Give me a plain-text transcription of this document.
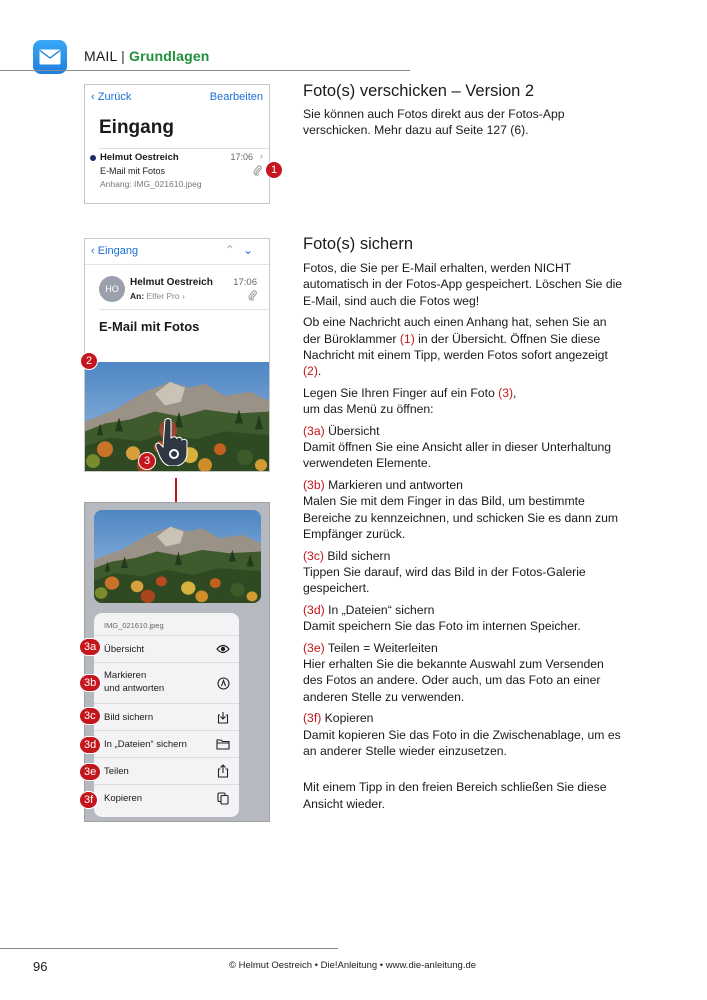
MAIL | Grundlagen
‹ Zurück	Bearbeiten
Eingang
Helmut Oestreich	17:06 ›
E-Mail mit Fotos
Anhang: IMG_021610.jpeg
1
‹ Eingang	⌃⌄
HO
Helmut Oestreich 17:06
An: Elfer Pro ›
E-Mail mit Fotos
2
3
IMG_021610.jpeg
Übersicht
Markieren
und antworten
Bild sichern
In „Dateien“ sichern
Teilen
Kopieren
3a
3b
3c
3d
3e
3f
Foto(s) verschicken – Version 2

Sie können auch Fotos direkt aus der Fotos-App verschicken. Mehr dazu auf Seite 127 (6).

Foto(s) sichern

Fotos, die Sie per E-Mail erhalten, werden NICHT automatisch in der Fotos-App gespeichert. Löschen Sie die E-Mail, sind auch die Fotos weg!

Ob eine Nachricht auch einen Anhang hat, sehen Sie an der Büroklammer (1) in der Übersicht. Öffnen Sie diese Nachricht mit einem Tipp, werden Fotos sofort angezeigt (2).

Legen Sie Ihren Finger auf ein Foto (3),
um das Menü zu öffnen:

(3a) Übersicht
Damit öffnen Sie eine Ansicht aller in dieser Unterhaltung verwendeten Elemente.

(3b) Markieren und antworten
Malen Sie mit dem Finger in das Bild, um bestimmte Bereiche zu kennzeichnen, und schicken Sie es dann zum Empfänger zurück.

(3c) Bild sichern
Tippen Sie darauf, wird das Bild in der Fotos-Galerie gespeichert.

(3d) In „Dateien“ sichern
Damit speichern Sie das Foto im internen Speicher.

(3e) Teilen = Weiterleiten
Hier erhalten Sie die bekannte Auswahl zum Versenden des Fotos an andere. Oder auch, um das Foto an einer anderen Stelle zu verwenden.

(3f) Kopieren
Damit kopieren Sie das Foto in die Zwischenablage, um es an anderer Stelle wieder einzusetzen.

Mit einem Tipp in den freien Bereich schließen Sie diese Ansicht wieder.

96	© Helmut Oestreich • Die!Anleitung • www.die-anleitung.de
